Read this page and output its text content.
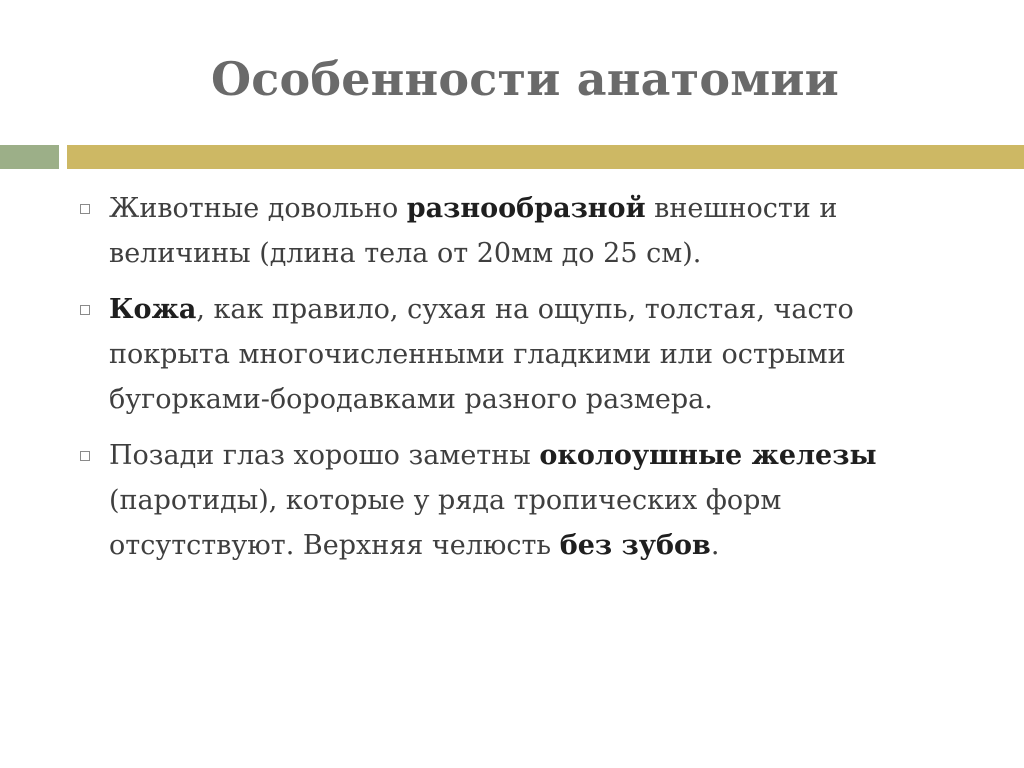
Особенности анатомии
Животные довольно разнообразной внешности и величины (длина тела от 20мм до 25 см).
Кожа, как правило, сухая на ощупь, толстая, часто покрыта многочисленными гладкими или острыми бугорками-бородавками разного размера.
Позади глаз хорошо заметны околоушные железы (паротиды), которые у ряда тропических форм отсутствуют. Верхняя челюсть без зубов.
